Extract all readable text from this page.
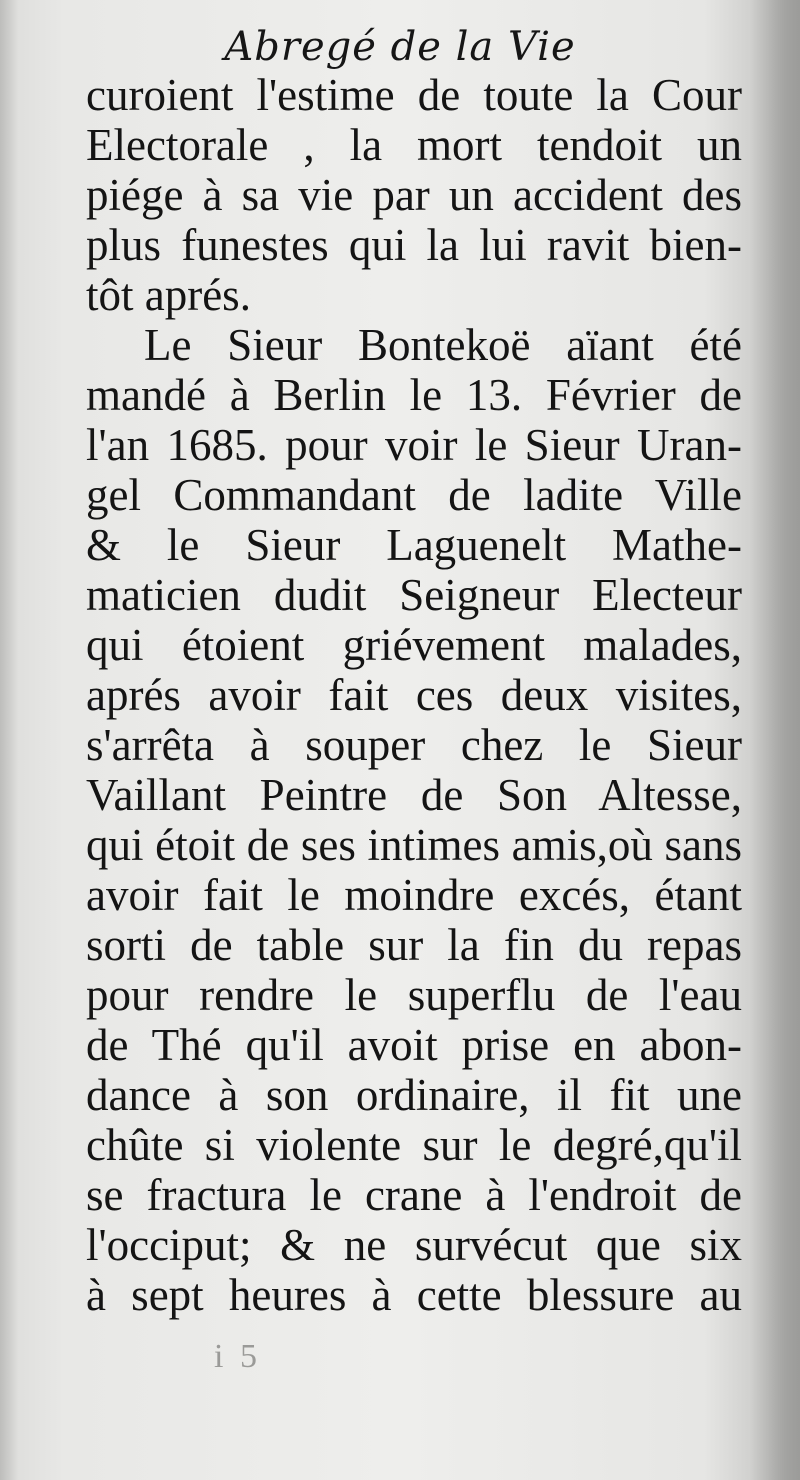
Abregé de la Vie
curoient l'estime de toute la Cour
Electorale , la mort tendoit un
piége à sa vie par un accident des
plus funestes qui la lui ravit bien-
tôt aprés.
Le Sieur Bontekoë aïant été
mandé à Berlin le 13. Février de
l'an 1685. pour voir le Sieur Uran-
gel Commandant de ladite Ville
& le Sieur Laguenelt Mathe-
maticien dudit Seigneur Electeur
qui étoient griévement malades,
aprés avoir fait ces deux visites,
s'arrêta à souper chez le Sieur
Vaillant Peintre de Son Altesse,
qui étoit de ses intimes amis,où sans
avoir fait le moindre excés, étant
sorti de table sur la fin du repas
pour rendre le superflu de l'eau
de Thé qu'il avoit prise en abon-
dance à son ordinaire, il fit une
chûte si violente sur le degré,qu'il
se fractura le crane à l'endroit de
l'occiput; & ne survécut que six
à sept heures à cette blessure au
i 5
